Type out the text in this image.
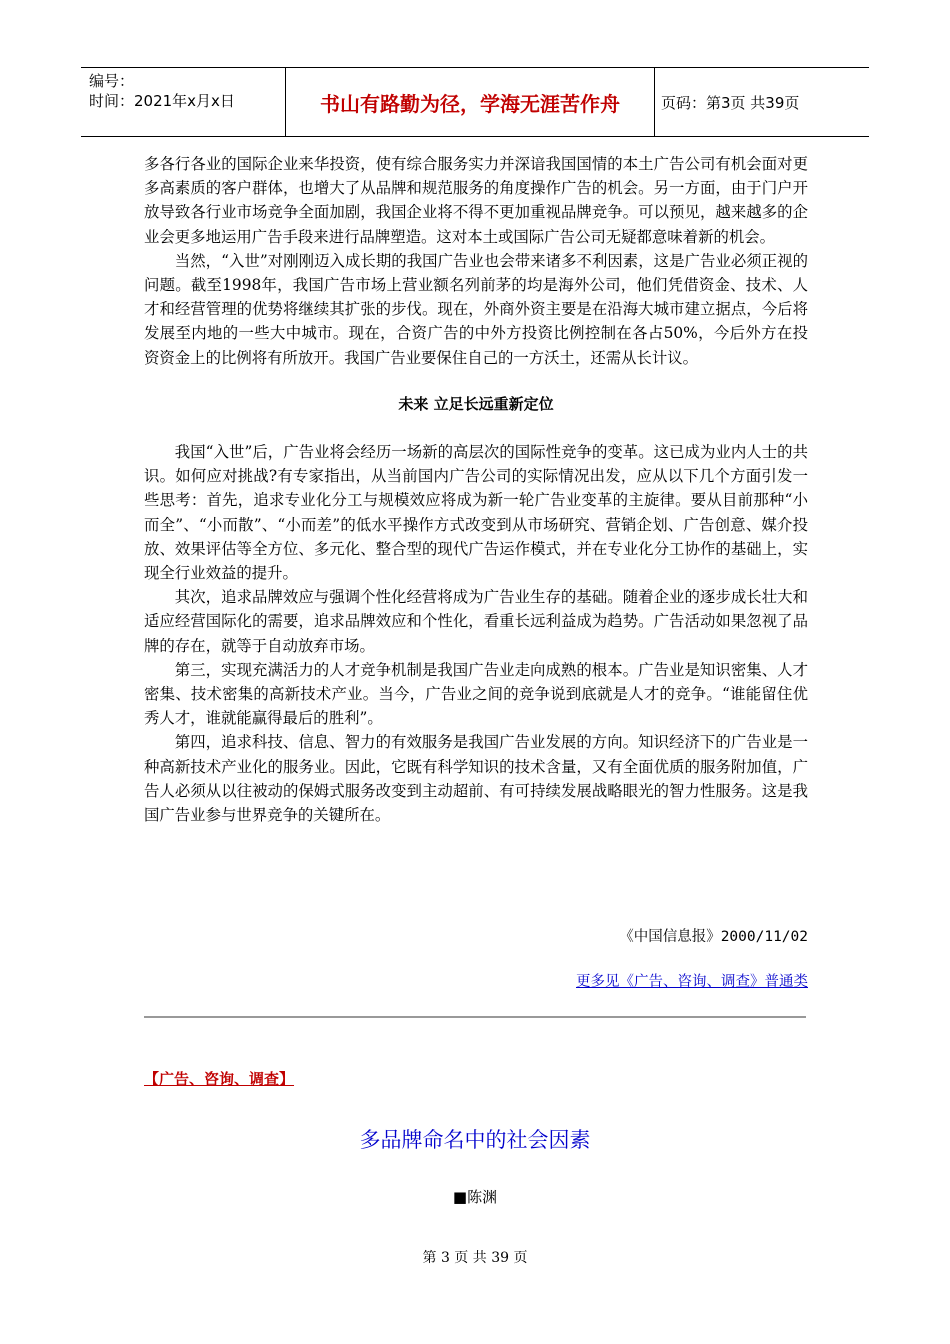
编号：
时间：2021年x月x日	书山有路勤为径，学海无涯苦作舟	页码：第3页 共39页

多各行各业的国际企业来华投资，使有综合服务实力并深谙我国国情的本土广告公司有机会面对更多高素质的客户群体，也增大了从品牌和规范服务的角度操作广告的机会。另一方面，由于门户开放导致各行业市场竞争全面加剧，我国企业将不得不更加重视品牌竞争。可以预见，越来越多的企业会更多地运用广告手段来进行品牌塑造。这对本土或国际广告公司无疑都意味着新的机会。

当然，“入世”对刚刚迈入成长期的我国广告业也会带来诸多不利因素，这是广告业必须正视的问题。截至1998年，我国广告市场上营业额名列前茅的均是海外公司，他们凭借资金、技术、人才和经营管理的优势将继续其扩张的步伐。现在，外商外资主要是在沿海大城市建立据点，今后将发展至内地的一些大中城市。现在，合资广告的中外方投资比例控制在各占50%，今后外方在投资资金上的比例将有所放开。我国广告业要保住自己的一方沃土，还需从长计议。

未来 立足长远重新定位

我国“入世”后，广告业将会经历一场新的高层次的国际性竞争的变革。这已成为业内人士的共识。如何应对挑战?有专家指出，从当前国内广告公司的实际情况出发，应从以下几个方面引发一些思考：首先，追求专业化分工与规模效应将成为新一轮广告业变革的主旋律。要从目前那种“小而全”、“小而散”、“小而差”的低水平操作方式改变到从市场研究、营销企划、广告创意、媒介投放、效果评估等全方位、多元化、整合型的现代广告运作模式，并在专业化分工协作的基础上，实现全行业效益的提升。

其次，追求品牌效应与强调个性化经营将成为广告业生存的基础。随着企业的逐步成长壮大和适应经营国际化的需要，追求品牌效应和个性化，看重长远利益成为趋势。广告活动如果忽视了品牌的存在，就等于自动放弃市场。

第三，实现充满活力的人才竞争机制是我国广告业走向成熟的根本。广告业是知识密集、人才密集、技术密集的高新技术产业。当今，广告业之间的竞争说到底就是人才的竞争。“谁能留住优秀人才，谁就能赢得最后的胜利”。

第四，追求科技、信息、智力的有效服务是我国广告业发展的方向。知识经济下的广告业是一种高新技术产业化的服务业。因此，它既有科学知识的技术含量，又有全面优质的服务附加值，广告人必须从以往被动的保姆式服务改变到主动超前、有可持续发展战略眼光的智力性服务。这是我国广告业参与世界竞争的关键所在。

《中国信息报》2000/11/02
更多见《广告、咨询、调查》普通类
【广告、咨询、调查】
多品牌命名中的社会因素
■陈渊
第 3 页 共 39 页
